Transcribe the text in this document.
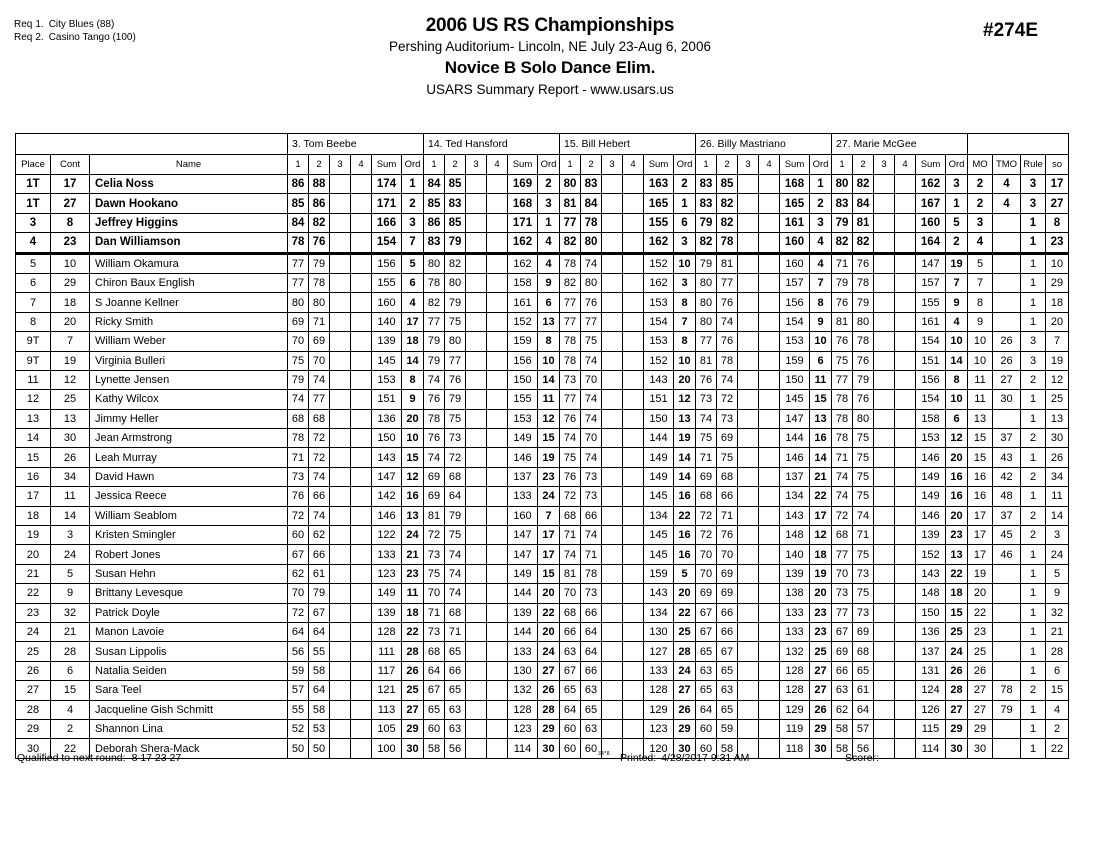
Req 1. City Blues (88)
Req 2. Casino Tango (100)
2006 US RS Championships
Pershing Auditorium- Lincoln, NE July 23-Aug 6, 2006
Novice B Solo Dance Elim.
USARS Summary Report - www.usars.us
#274E
			3. Tom Beebe						14. Ted Hansford						15. Bill Hebert						26. Billy Mastriano						27. Marie McGee									
Place	Cont	Name	1	2	3	4	Sum	Ord	1	2	3	4	Sum	Ord	1	2	3	4	Sum	Ord	1	2	3	4	Sum	Ord	1	2	3	4	Sum	Ord	MO	TMO	Rule	so
1T	17	Celia Noss	86	88			174	1	84	85			169	2	80	83			163	2	83	85			168	1	80	82			162	3	2	4	3	17
1T	27	Dawn Hookano	85	86			171	2	85	83			168	3	81	84			165	1	83	82			165	2	83	84			167	1	2	4	3	27
3	8	Jeffrey Higgins	84	82			166	3	86	85			171	1	77	78			155	6	79	82			161	3	79	81			160	5	3		1	8
4	23	Dan Williamson	78	76			154	7	83	79			162	4	82	80			162	3	82	78			160	4	82	82			164	2	4		1	23
5	10	William Okamura	77	79			156	5	80	82			162	4	78	74			152	10	79	81			160	4	71	76			147	19	5		1	10
6	29	Chiron Baux English	77	78			155	6	78	80			158	9	82	80			162	3	80	77			157	7	79	78			157	7	7		1	29
7	18	S Joanne Kellner	80	80			160	4	82	79			161	6	77	76			153	8	80	76			156	8	76	79			155	9	8		1	18
8	20	Ricky Smith	69	71			140	17	77	75			152	13	77	77			154	7	80	74			154	9	81	80			161	4	9		1	20
9T	7	William Weber	70	69			139	18	79	80			159	8	78	75			153	8	77	76			153	10	76	78			154	10	10	26	3	7
9T	19	Virginia Bulleri	75	70			145	14	79	77			156	10	78	74			152	10	81	78			159	6	75	76			151	14	10	26	3	19
11	12	Lynette Jensen	79	74			153	8	74	76			150	14	73	70			143	20	76	74			150	11	77	79			156	8	11	27	2	12
12	25	Kathy Wilcox	74	77			151	9	76	79			155	11	77	74			151	12	73	72			145	15	78	76			154	10	11	30	1	25
13	13	Jimmy Heller	68	68			136	20	78	75			153	12	76	74			150	13	74	73			147	13	78	80			158	6	13		1	13
14	30	Jean Armstrong	78	72			150	10	76	73			149	15	74	70			144	19	75	69			144	16	78	75			153	12	15	37	2	30
15	26	Leah Murray	71	72			143	15	74	72			146	19	75	74			149	14	71	75			146	14	71	75			146	20	15	43	1	26
16	34	David Hawn	73	74			147	12	69	68			137	23	76	73			149	14	69	68			137	21	74	75			149	16	16	42	2	34
17	11	Jessica Reece	76	66			142	16	69	64			133	24	72	73			145	16	68	66			134	22	74	75			149	16	16	48	1	11
18	14	William Seablom	72	74			146	13	81	79			160	7	68	66			134	22	72	71			143	17	72	74			146	20	17	37	2	14
19	3	Kristen Smingler	60	62			122	24	72	75			147	17	71	74			145	16	72	76			148	12	68	71			139	23	17	45	2	3
20	24	Robert Jones	67	66			133	21	73	74			147	17	74	71			145	16	70	70			140	18	77	75			152	13	17	46	1	24
21	5	Susan Hehn	62	61			123	23	75	74			149	15	81	78			159	5	70	69			139	19	70	73			143	22	19		1	5
22	9	Brittany Levesque	70	79			149	11	70	74			144	20	70	73			143	20	69	69			138	20	73	75			148	18	20		1	9
23	32	Patrick Doyle	72	67			139	18	71	68			139	22	68	66			134	22	67	66			133	23	77	73			150	15	22		1	32
24	21	Manon Lavoie	64	64			128	22	73	71			144	20	66	64			130	25	67	66			133	23	67	69			136	25	23		1	21
25	28	Susan Lippolis	56	55			111	28	68	65			133	24	63	64			127	28	65	67			132	25	69	68			137	24	25		1	28
26	6	Natalia Seiden	59	58			117	26	64	66			130	27	67	66			133	24	63	65			128	27	66	65			131	26	26		1	6
27	15	Sara Teel	57	64			121	25	67	65			132	26	65	63			128	27	65	63			128	27	63	61			124	28	27	78	2	15
28	4	Jacqueline Gish Schmitt	55	58			113	27	65	63			128	28	64	65			129	26	64	65			129	26	62	64			126	27	27	79	1	4
29	2	Shannon Lina	52	53			105	29	60	63			123	29	60	63			123	29	60	59			119	29	58	57			115	29	29		1	2
30	22	Deborah Shera-Mack	50	50			100	30	58	56			114	30	60	60			120	30	60	58			118	30	58	56			114	30	30		1	22
Qualified to next round: 8 17 23 27	34*8 Printed: 4/28/2017 9:31 AM	Scorer:
